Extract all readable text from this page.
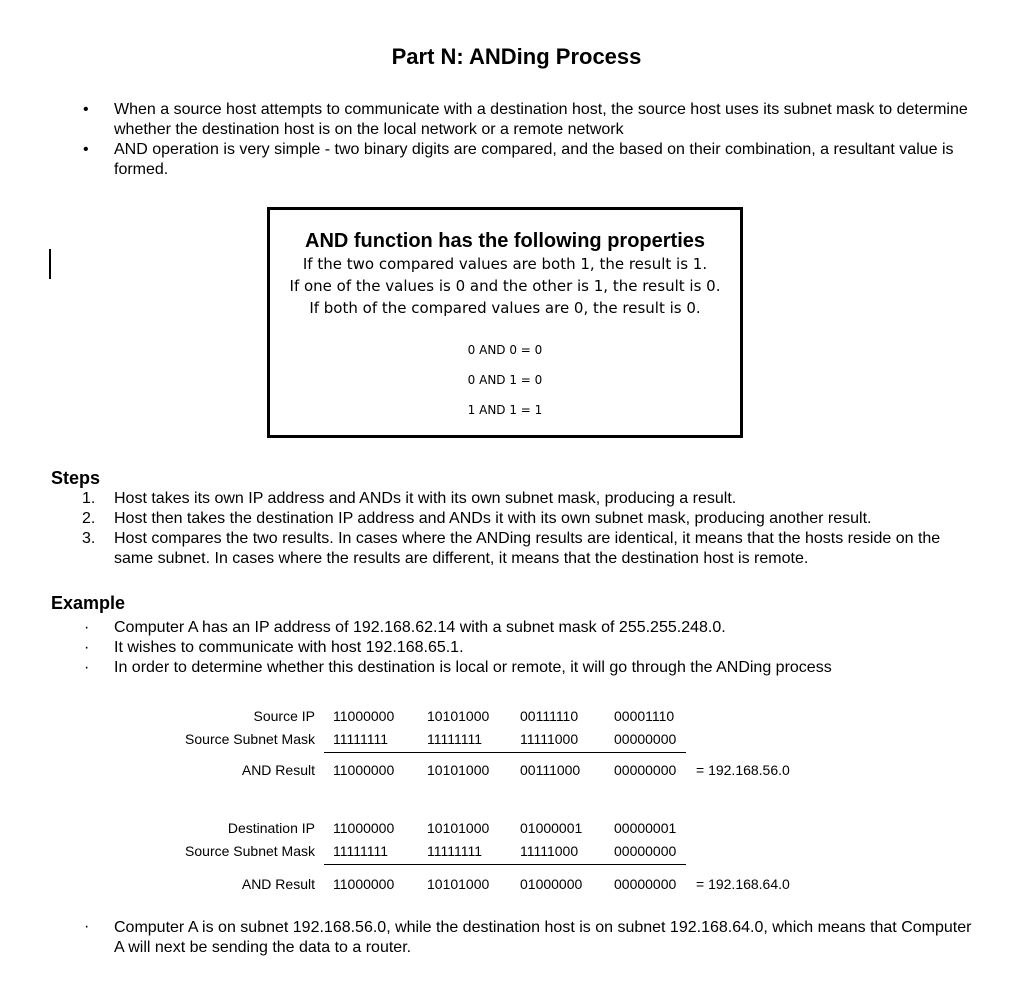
Part N: ANDing Process
• When a source host attempts to communicate with a destination host, the source host uses its subnet mask to determine whether the destination host is on the local network or a remote network
• AND operation is very simple - two binary digits are compared, and the based on their combination, a resultant value is formed.
AND function has the following properties
If the two compared values are both 1, the result is 1.
If one of the values is 0 and the other is 1, the result is 0.
If both of the compared values are 0, the result is 0.
0 AND 0 = 0
0 AND 1 = 0
1 AND 1 = 1
Steps
1. Host takes its own IP address and ANDs it with its own subnet mask, producing a result.
2. Host then takes the destination IP address and ANDs it with its own subnet mask, producing another result.
3. Host compares the two results. In cases where the ANDing results are identical, it means that the hosts reside on the same subnet. In cases where the results are different, it means that the destination host is remote.
Example
· Computer A has an IP address of 192.168.62.14 with a subnet mask of 255.255.248.0.
· It wishes to communicate with host 192.168.65.1.
· In order to determine whether this destination is local or remote, it will go through the ANDing process
Source IP 11000000 10101000 00111110	00001110
Source Subnet Mask 11111111	11111111	11111000	00000000
AND Result 11000000 10101000 00111000 00000000 = 192.168.56.0
Destination IP 11000000 10101000 01000001 00000001
Source Subnet Mask 11111111	11111111	11111000	00000000
AND Result 11000000 10101000 01000000 00000000 = 192.168.64.0
·	Computer A is on subnet 192.168.56.0, while the destination host is on subnet 192.168.64.0, which means that Computer A will next be sending the data to a router.
